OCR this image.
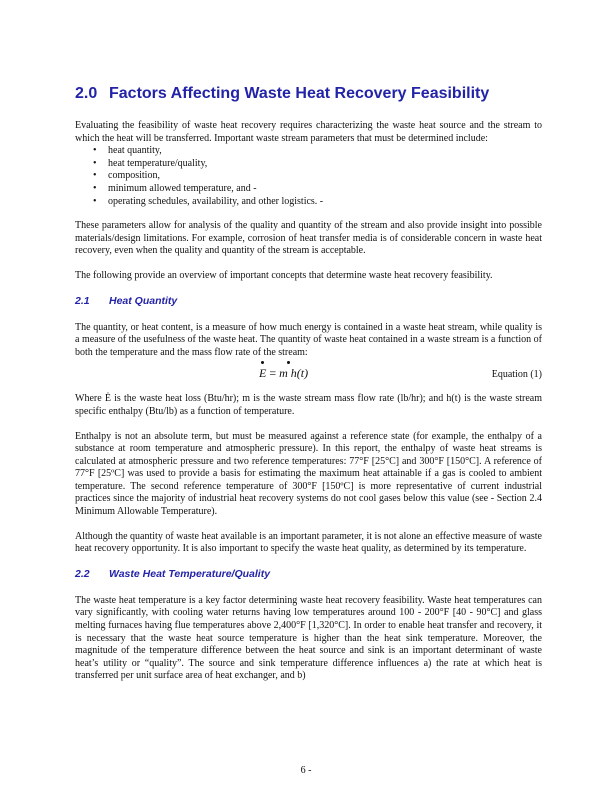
2.0 Factors Affecting Waste Heat Recovery Feasibility

Evaluating the feasibility of waste heat recovery requires characterizing the waste heat source and the stream to which the heat will be transferred. Important waste stream parameters that must be determined include:

• heat quantity,
• heat temperature/quality,
• composition,
• minimum allowed temperature, and -
• operating schedules, availability, and other logistics. -

These parameters allow for analysis of the quality and quantity of the stream and also provide insight into possible materials/design limitations. For example, corrosion of heat transfer media is of considerable concern in waste heat recovery, even when the quality and quantity of the stream is acceptable.

The following provide an overview of important concepts that determine waste heat recovery feasibility.

2.1 Heat Quantity

The quantity, or heat content, is a measure of how much energy is contained in a waste heat stream, while quality is a measure of the usefulness of the waste heat. The quantity of waste heat contained in a waste stream is a function of both the temperature and the mass flow rate of the stream:

E = m h(t)	Equation (1)

Where Ė is the waste heat loss (Btu/hr); m is the waste stream mass flow rate (lb/hr); and h(t) is the waste stream specific enthalpy (Btu/lb) as a function of temperature.

Enthalpy is not an absolute term, but must be measured against a reference state (for example, the enthalpy of a substance at room temperature and atmospheric pressure). In this report, the enthalpy of waste heat streams is calculated at atmospheric pressure and two reference temperatures: 77°F [25°C] and 300°F [150°C]. A reference of 77°F [25ºC] was used to provide a basis for estimating the maximum heat attainable if a gas is cooled to ambient temperature. The second reference temperature of 300°F [150ºC] is more representative of current industrial practices since the majority of industrial heat recovery systems do not cool gases below this value (see - Section 2.4 Minimum Allowable Temperature).

Although the quantity of waste heat available is an important parameter, it is not alone an effective measure of waste heat recovery opportunity. It is also important to specify the waste heat quality, as determined by its temperature.

2.2 Waste Heat Temperature/Quality

The waste heat temperature is a key factor determining waste heat recovery feasibility. Waste heat temperatures can vary significantly, with cooling water returns having low temperatures around 100 - 200°F [40 - 90°C] and glass melting furnaces having flue temperatures above 2,400°F [1,320°C]. In order to enable heat transfer and recovery, it is necessary that the waste heat source temperature is higher than the heat sink temperature. Moreover, the magnitude of the temperature difference between the heat source and sink is an important determinant of waste heat’s utility or “quality”. The source and sink temperature difference influences a) the rate at which heat is transferred per unit surface area of heat exchanger, and b)

6 -
